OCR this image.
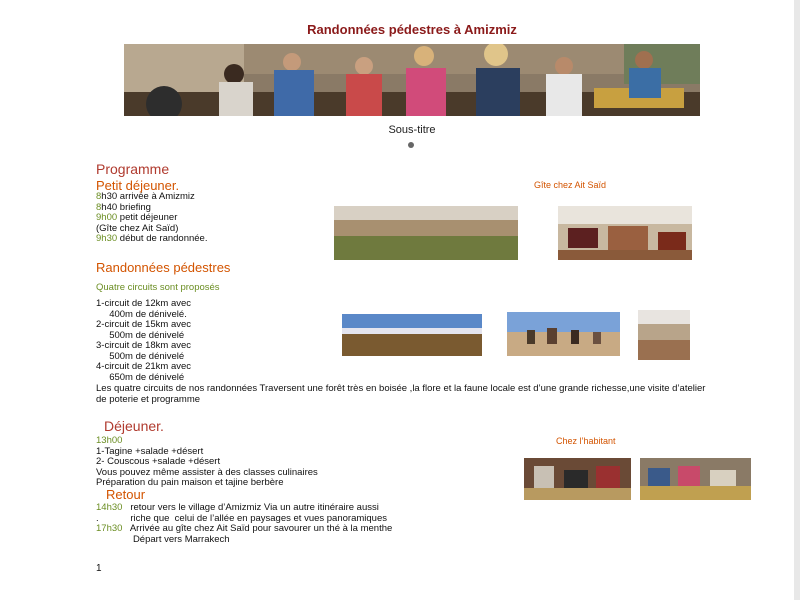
Randonnées pédestres à Amizmiz
Sous-titre
Programme
Petit déjeuner.	Gîte chez Ait Saïd
8h30 arrivée à Amizmiz
8h40 briefing
9h00 petit déjeuner
(Gîte chez Ait Saïd)
9h30 début de randonnée.
Randonnées pédestres
Quatre circuits sont proposés
1-circuit de 12km avec
400m de dénivelé.
2-circuit de 15km avec
500m de dénivelé
3-circuit de 18km avec
500m de dénivelé
4-circuit de 21km avec
650m de dénivelé
Les quatre circuits de nos randonnées Traversent une forêt très en boisée ,la flore et la faune locale est d’une grande richesse,une visite d’atelier de poterie et programme
Déjeuner.
Chez l’habitant
13h00
1-Tagine +salade +désert
2- Couscous +salade +désert
Vous pouvez même assister à des classes culinaires
Préparation du pain maison et tajine berbère
Retour
14h30   retour vers le village d’Amizmiz Via un autre itinéraire aussi
.            riche que  celui de l’allée en paysages et vues panoramiques
17h30   Arrivée au gîte chez Ait Saïd pour savourer un thé à la menthe
Départ vers Marrakech
1
